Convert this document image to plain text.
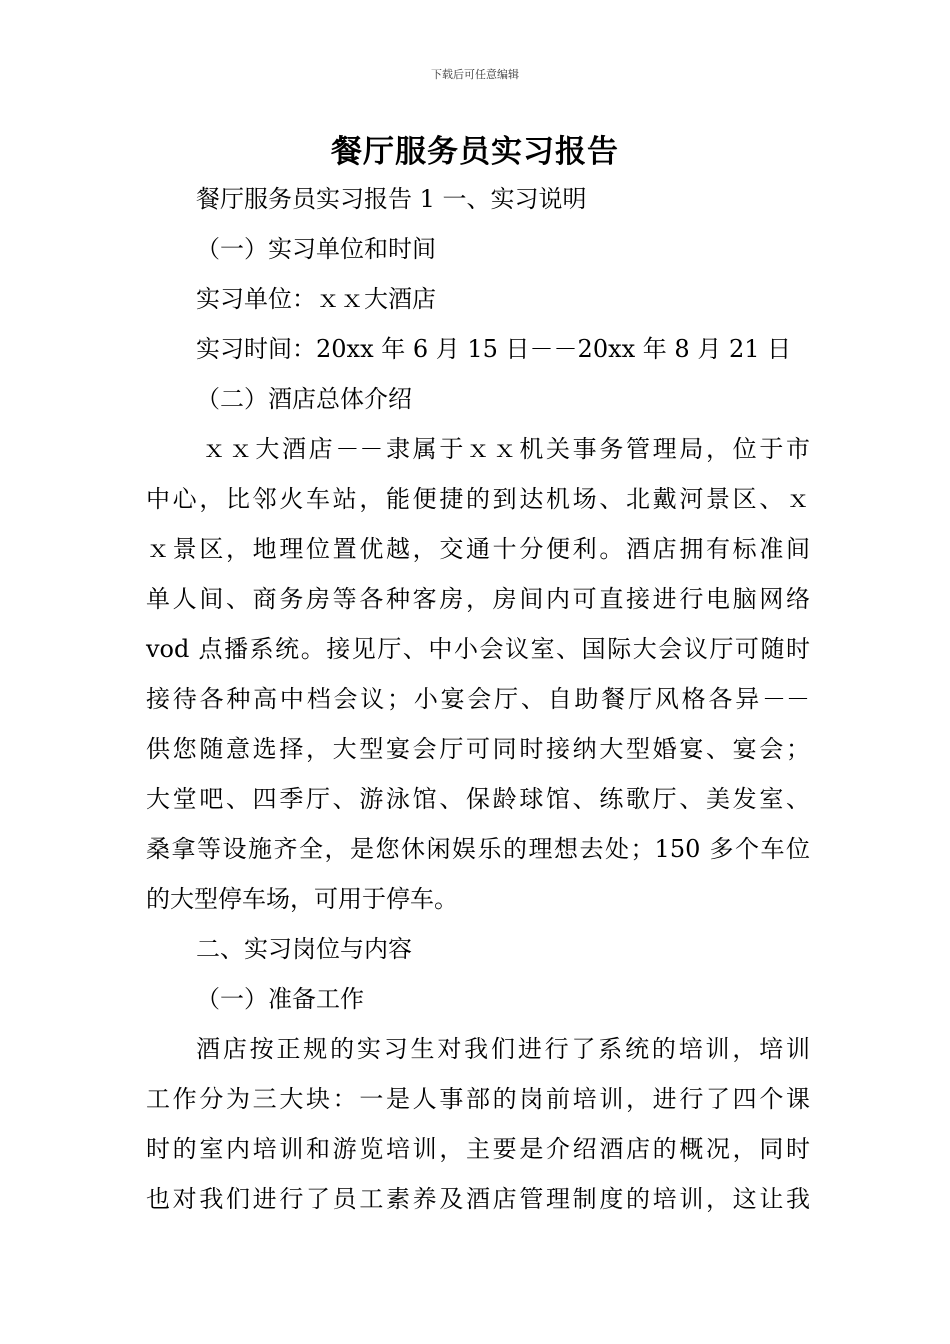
下载后可任意编辑
餐厅服务员实习报告

餐厅服务员实习报告 1 一、实习说明

（一）实习单位和时间

实习单位：ｘｘ大酒店

实习时间：20xx 年 6 月 15 日－－20xx 年 8 月 21 日

（二）酒店总体介绍

ｘｘ大酒店－－隶属于ｘｘ机关事务管理局，位于市

中心，比邻火车站，能便捷的到达机场、北戴河景区、ｘ

ｘ景区，地理位置优越，交通十分便利。酒店拥有标准间

单人间、商务房等各种客房，房间内可直接进行电脑网络

vod 点播系统。接见厅、中小会议室、国际大会议厅可随时

接待各种高中档会议；小宴会厅、自助餐厅风格各异－－

供您随意选择，大型宴会厅可同时接纳大型婚宴、宴会；

大堂吧、四季厅、游泳馆、保龄球馆、练歌厅、美发室、

桑拿等设施齐全，是您休闲娱乐的理想去处；150 多个车位

的大型停车场，可用于停车。

二、实习岗位与内容

（一）准备工作

酒店按正规的实习生对我们进行了系统的培训，培训

工作分为三大块：一是人事部的岗前培训，进行了四个课

时的室内培训和游览培训，主要是介绍酒店的概况，同时

也对我们进行了员工素养及酒店管理制度的培训，这让我
